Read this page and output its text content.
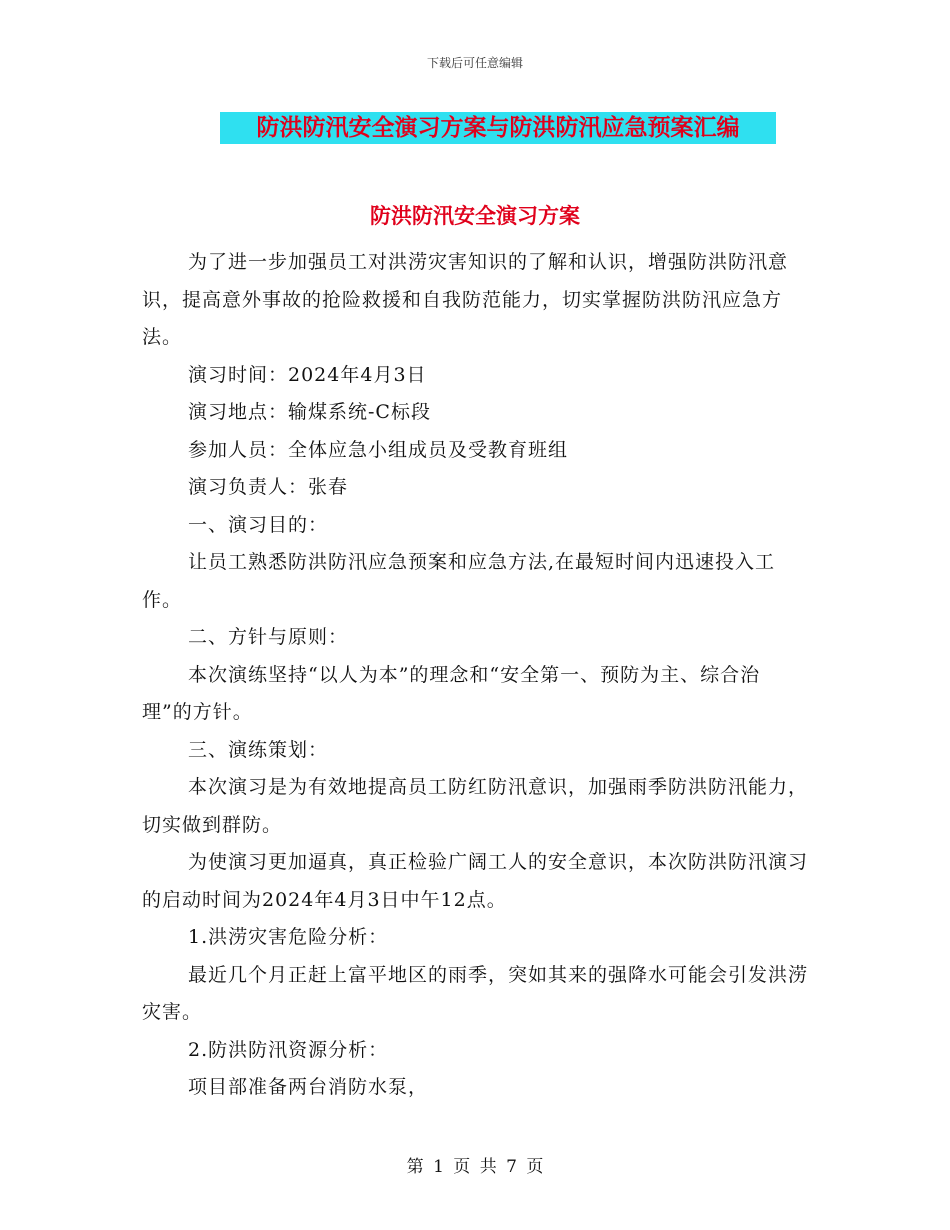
下载后可任意编辑
防洪防汛安全演习方案与防洪防汛应急预案汇编
防洪防汛安全演习方案

为了进一步加强员工对洪涝灾害知识的了解和认识，增强防洪防汛意识，提高意外事故的抢险救援和自我防范能力，切实掌握防洪防汛应急方法。

演习时间：2024年4月3日

演习地点：输煤系统-C标段

参加人员：全体应急小组成员及受教育班组

演习负责人：张春

一、演习目的：

让员工熟悉防洪防汛应急预案和应急方法,在最短时间内迅速投入工作。

二、方针与原则：

本次演练坚持“以人为本”的理念和“安全第一、预防为主、综合治理”的方针。

三、演练策划：

本次演习是为有效地提高员工防红防汛意识，加强雨季防洪防汛能力，切实做到群防。

为使演习更加逼真，真正检验广阔工人的安全意识，本次防洪防汛演习的启动时间为2024年4月3日中午12点。

1.洪涝灾害危险分析：

最近几个月正赶上富平地区的雨季，突如其来的强降水可能会引发洪涝灾害。

2.防洪防汛资源分析：

项目部准备两台消防水泵，

第 1 页 共 7 页
